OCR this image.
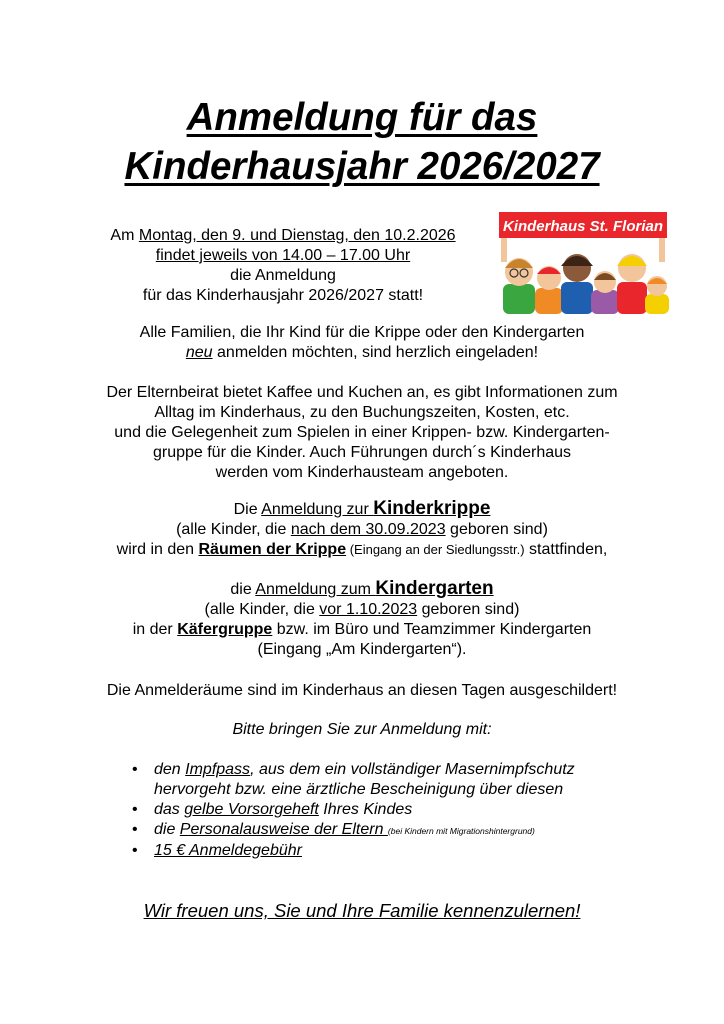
Anmeldung für das
Kinderhausjahr 2026/2027
Kinderhaus St. Florian
Am Montag, den 9. und Dienstag, den 10.2.2026
findet jeweils von 14.00 – 17.00 Uhr
die Anmeldung
für das Kinderhausjahr 2026/2027 statt!
Alle Familien, die Ihr Kind für die Krippe oder den Kindergarten
neu anmelden möchten, sind herzlich eingeladen!
Der Elternbeirat bietet Kaffee und Kuchen an, es gibt Informationen zum
Alltag im Kinderhaus, zu den Buchungszeiten, Kosten, etc.
und die Gelegenheit zum Spielen in einer Krippen- bzw. Kindergarten-
gruppe für die Kinder. Auch Führungen durch´s Kinderhaus
werden vom Kinderhausteam angeboten.
Die Anmeldung zur Kinderkrippe
(alle Kinder, die nach dem 30.09.2023 geboren sind)
wird in den Räumen der Krippe (Eingang an der Siedlungsstr.) stattfinden,
die Anmeldung zum Kindergarten
(alle Kinder, die vor 1.10.2023 geboren sind)
in der Käfergruppe bzw. im Büro und Teamzimmer Kindergarten
(Eingang „Am Kindergarten“).
Die Anmelderäume sind im Kinderhaus an diesen Tagen ausgeschildert!
Bitte bringen Sie zur Anmeldung mit:
• den Impfpass, aus dem ein vollständiger Masernimpfschutz
hervorgeht bzw. eine ärztliche Bescheinigung über diesen
• das gelbe Vorsorgeheft Ihres Kindes
• die Personalausweise der Eltern (bei Kindern mit Migrationshintergrund)
• 15 € Anmeldegebühr
Wir freuen uns, Sie und Ihre Familie kennenzulernen!
